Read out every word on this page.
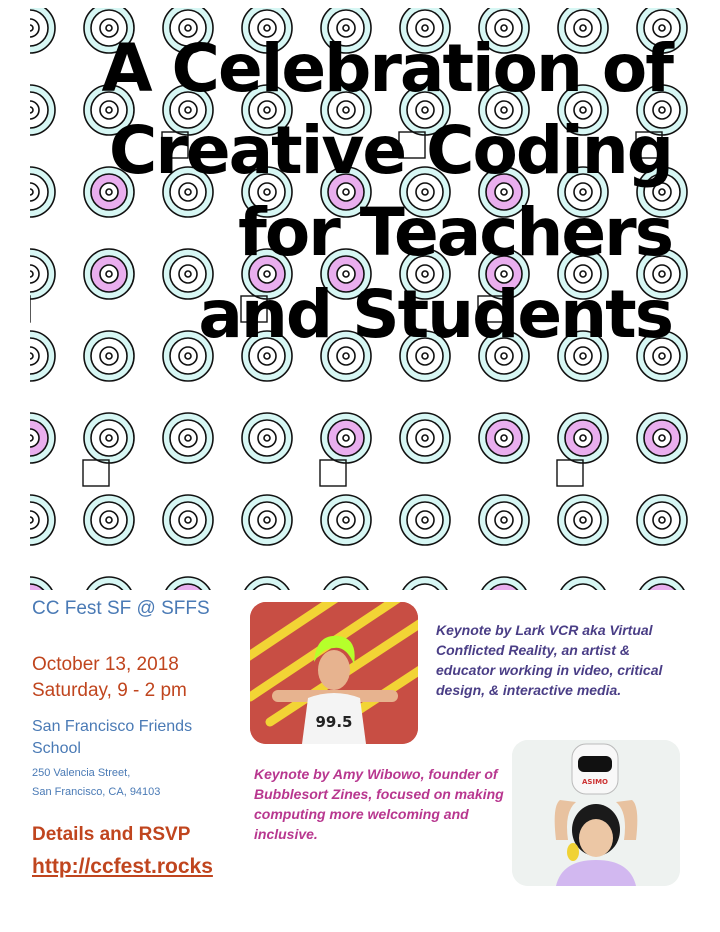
A Celebration of
Creative Coding
for Teachers
and Students
CC Fest SF @ SFFS
October 13, 2018
Saturday, 9 - 2 pm
San Francisco Friends School
250 Valencia Street,
San Francisco, CA, 94103
Details and RSVP
http://ccfest.rocks
99.5

Keynote by Lark VCR aka Virtual Conflicted Reality, an artist & educator working in video, critical design, & interactive media.

ASIMO

Keynote by Amy Wibowo, founder of Bubblesort Zines, focused on making computing more welcoming and inclusive.
